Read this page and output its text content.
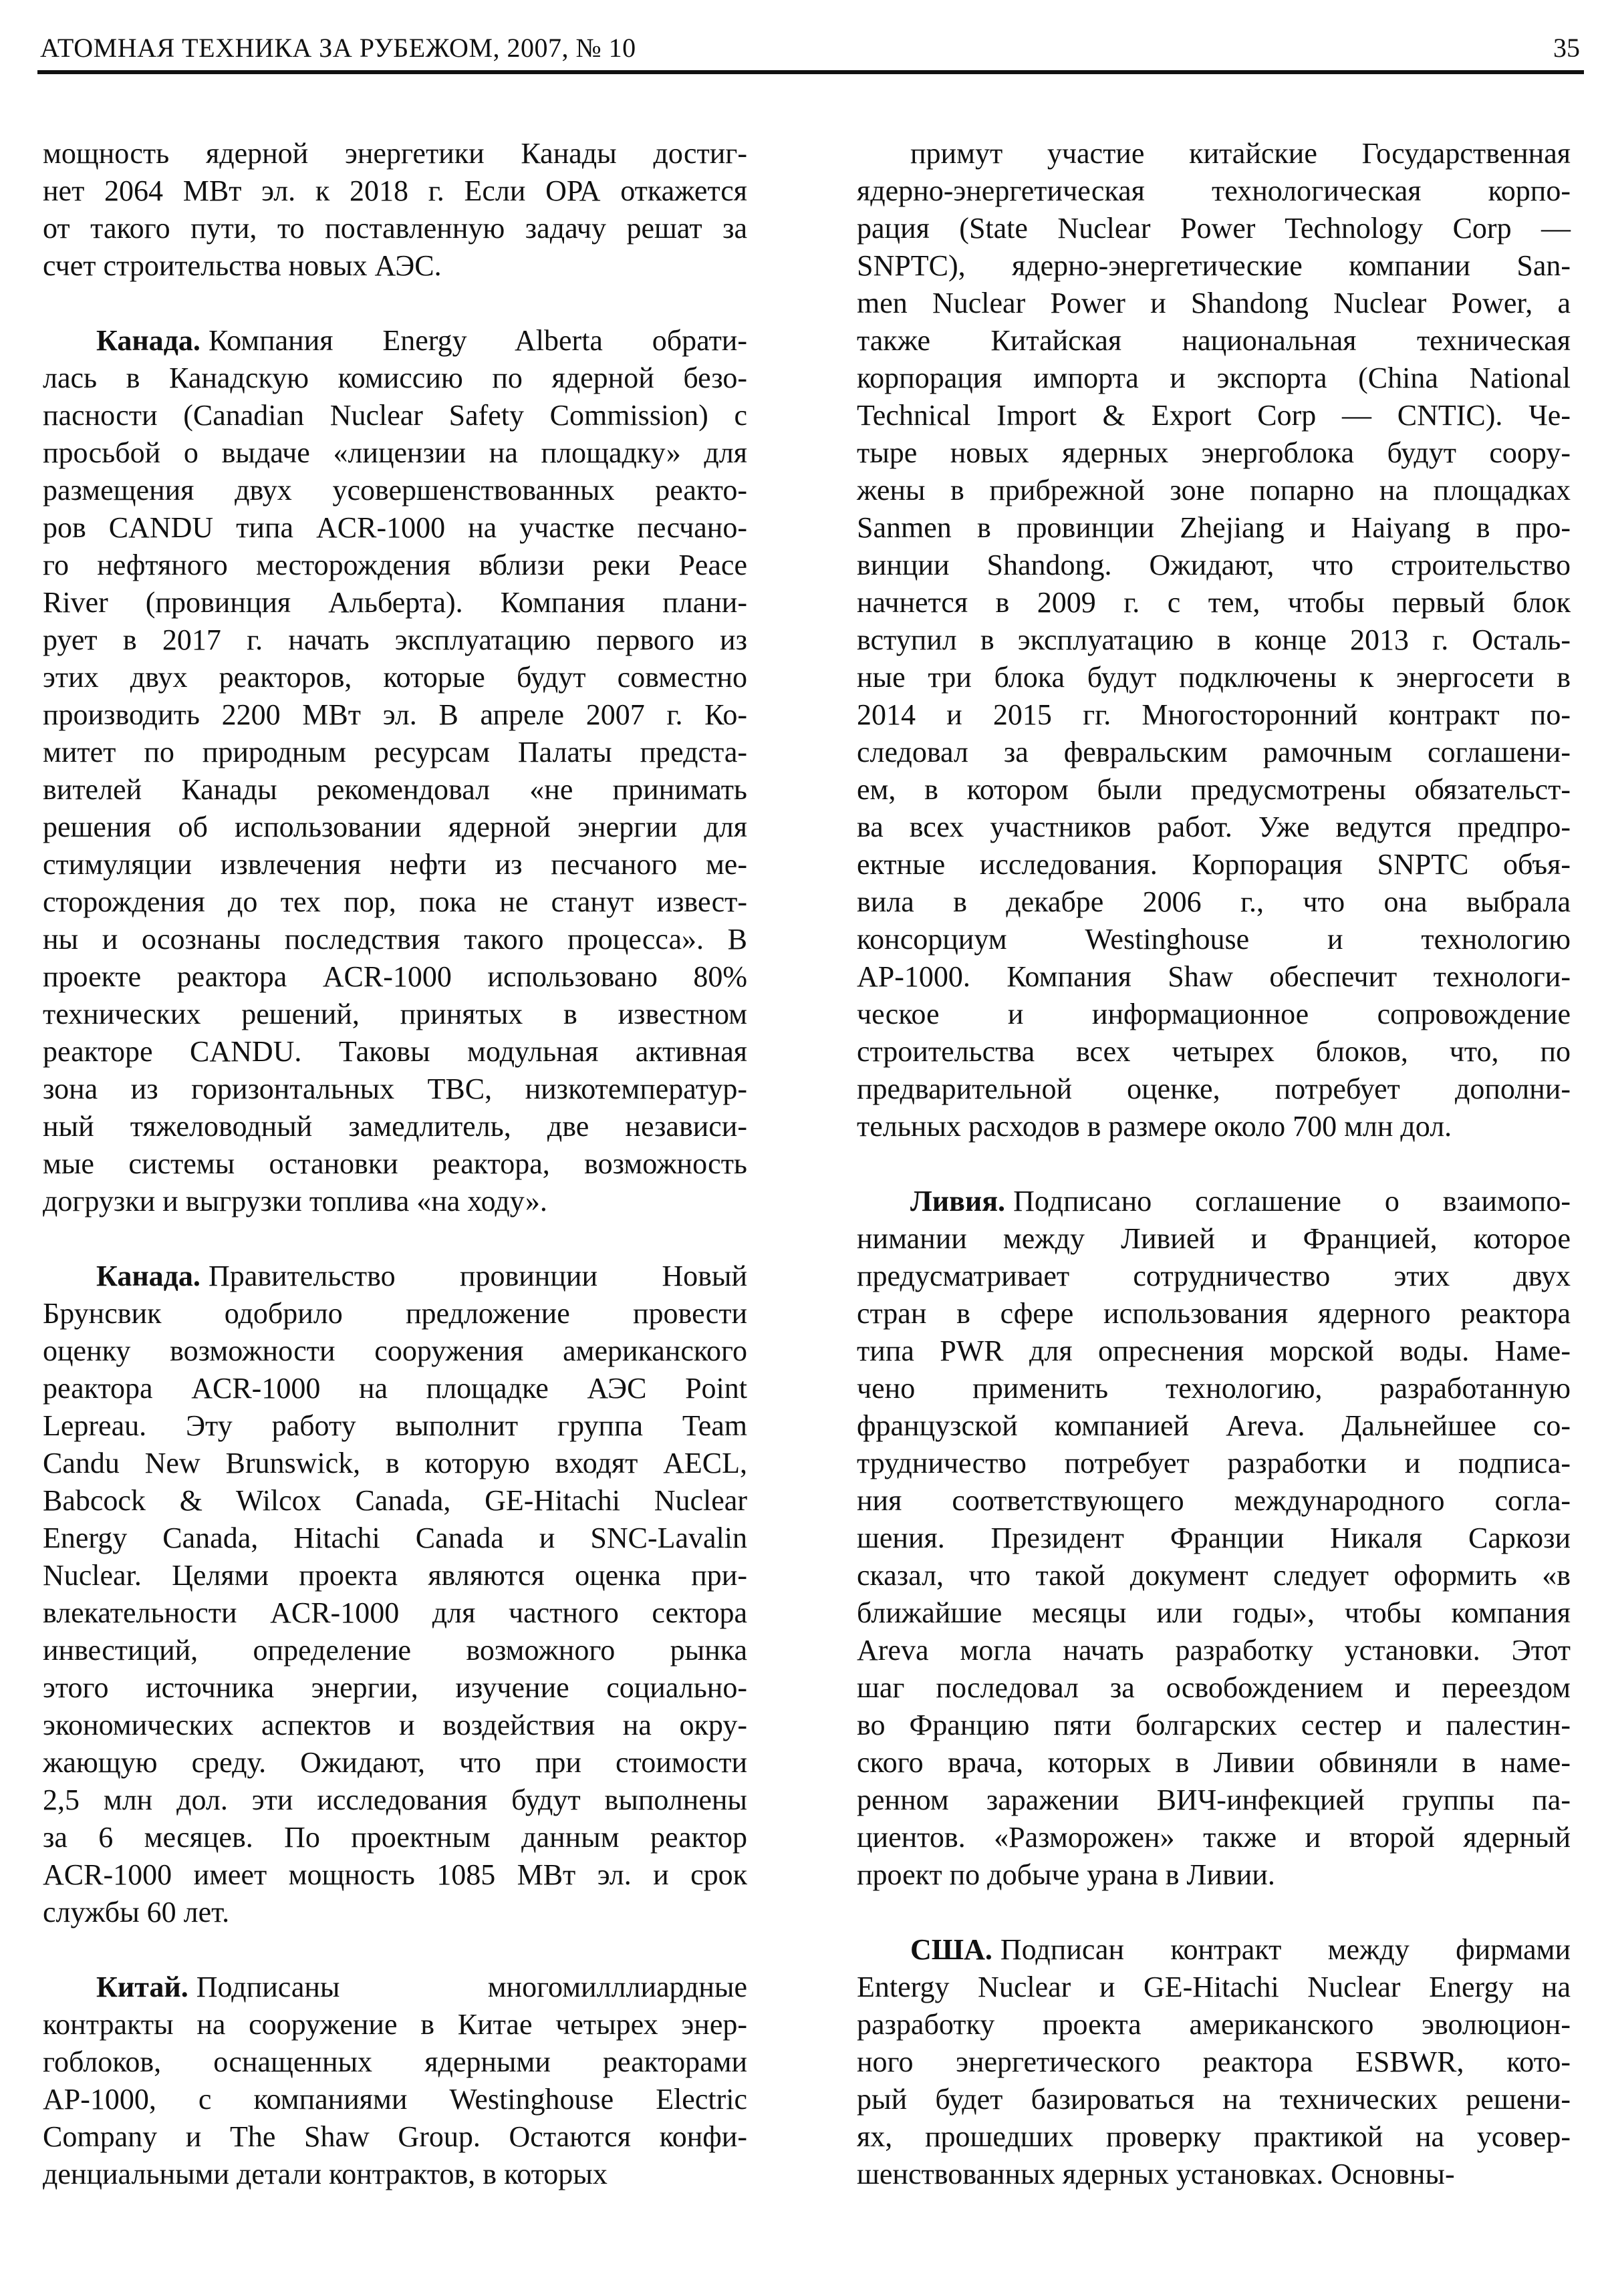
АТОМНАЯ ТЕХНИКА ЗА РУБЕЖОМ, 2007, № 10	35
мощность ядерной энергетики Канады достиг-
нет 2064 МВт эл. к 2018 г. Если ОРА откажется
от такого пути, то поставленную задачу решат за
счет строительства новых АЭС.
Канада. Компания Energy Alberta обрати-
лась в Канадскую комиссию по ядерной безо-
пасности (Canadian Nuclear Safety Commission) с
просьбой о выдаче «лицензии на площадку» для
размещения двух усовершенствованных реакто-
ров CANDU типа ACR-1000 на участке песчано-
го нефтяного месторождения вблизи реки Peace
River (провинция Альберта). Компания плани-
рует в 2017 г. начать эксплуатацию первого из
этих двух реакторов, которые будут совместно
производить 2200 МВт эл. В апреле 2007 г. Ко-
митет по природным ресурсам Палаты предста-
вителей Канады рекомендовал «не принимать
решения об использовании ядерной энергии для
стимуляции извлечения нефти из песчаного ме-
сторождения до тех пор, пока не станут извест-
ны и осознаны последствия такого процесса». В
проекте реактора ACR-1000 использовано 80%
технических решений, принятых в известном
реакторе CANDU. Таковы модульная активная
зона из горизонтальных ТВС, низкотемператур-
ный тяжеловодный замедлитель, две независи-
мые системы остановки реактора, возможность
догрузки и выгрузки топлива «на ходу».
Канада. Правительство провинции Новый
Брунсвик одобрило предложение провести
оценку возможности сооружения американского
реактора ACR-1000 на площадке АЭС Point
Lepreau. Эту работу выполнит группа Team
Candu New Brunswick, в которую входят AECL,
Babcock & Wilcox Canada, GE-Hitachi Nuclear
Energy Canada, Hitachi Canada и SNC-Lavalin
Nuclear. Целями проекта являются оценка при-
влекательности ACR-1000 для частного сектора
инвестиций, определение возможного рынка
этого источника энергии, изучение социально-
экономических аспектов и воздействия на окру-
жающую среду. Ожидают, что при стоимости
2,5 млн дол. эти исследования будут выполнены
за 6 месяцев. По проектным данным реактор
ACR-1000 имеет мощность 1085 МВт эл. и срок
службы 60 лет.
Китай. Подписаны многомилллиардные
контракты на сооружение в Китае четырех энер-
гоблоков, оснащенных ядерными реакторами
AP-1000, с компаниями Westinghouse Electric
Company и The Shaw Group. Остаются конфи-
денциальными детали контрактов, в которых
примут участие китайские Государственная
ядерно-энергетическая технологическая корпо-
рация (State Nuclear Power Technology Corp —
SNPTC), ядерно-энергетические компании San-
men Nuclear Power и Shandong Nuclear Power, а
также Китайская национальная техническая
корпорация импорта и экспорта (China National
Technical Import & Export Corp — CNTIC). Че-
тыре новых ядерных энергоблока будут соору-
жены в прибрежной зоне попарно на площадках
Sanmen в провинции Zhejiang и Haiyang в про-
винции Shandong. Ожидают, что строительство
начнется в 2009 г. с тем, чтобы первый блок
вступил в эксплуатацию в конце 2013 г. Осталь-
ные три блока будут подключены к энергосети в
2014 и 2015 гг. Многосторонний контракт по-
следовал за февральским рамочным соглашени-
ем, в котором были предусмотрены обязательст-
ва всех участников работ. Уже ведутся предпро-
ектные исследования. Корпорация SNPTC объя-
вила в декабре 2006 г., что она выбрала
консорциум Westinghouse и технологию
AP-1000. Компания Shaw обеспечит технологи-
ческое и информационное сопровождение
строительства всех четырех блоков, что, по
предварительной оценке, потребует дополни-
тельных расходов в размере около 700 млн дол.
Ливия. Подписано соглашение о взаимопо-
нимании между Ливией и Францией, которое
предусматривает сотрудничество этих двух
стран в сфере использования ядерного реактора
типа PWR для опреснения морской воды. Наме-
чено применить технологию, разработанную
французской компанией Areva. Дальнейшее со-
трудничество потребует разработки и подписа-
ния соответствующего международного согла-
шения. Президент Франции Никаля Саркози
сказал, что такой документ следует оформить «в
ближайшие месяцы или годы», чтобы компания
Areva могла начать разработку установки. Этот
шаг последовал за освобождением и переездом
во Францию пяти болгарских сестер и палестин-
ского врача, которых в Ливии обвиняли в наме-
ренном заражении ВИЧ-инфекцией группы па-
циентов. «Разморожен» также и второй ядерный
проект по добыче урана в Ливии.
США. Подписан контракт между фирмами
Entergy Nuclear и GE-Hitachi Nuclear Energy на
разработку проекта американского эволюцион-
ного энергетического реактора ESBWR, кото-
рый будет базироваться на технических решени-
ях, прошедших проверку практикой на усовер-
шенствованных ядерных установках. Основны-
